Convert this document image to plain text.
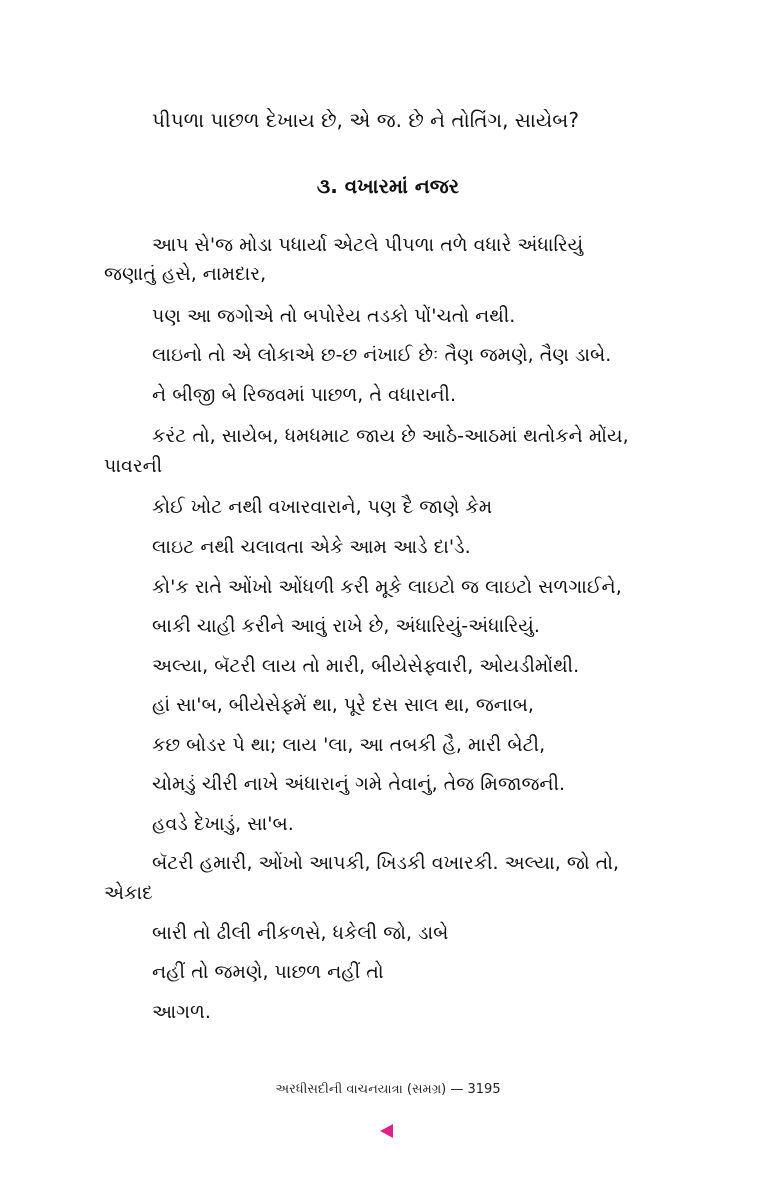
પીપળા પાછળ દેખાય છે, એ જ. છે ને તોતિંગ, સાયેબ?
૩. વખારમાં નજર
આપ સે'જ મોડા પધાર્યા એટલે પીપળા તળે વધારે અંધારિયું
જણાતું હસે, નામદાર,
પણ આ જગોએ તો બપોરેય તડકો પોં'ચતો નથી.
લાઇનો તો એ લોકાએ છ-છ નંખાઈ છેઃ તૈણ જમણે, તૈણ ડાબે.
ને બીજી બે રિજવમાં પાછળ, તે વધારાની.
કરંટ તો, સાયેબ, ધમધમાટ જાય છે આઠે-આઠમાં થતોકને મોંય,
પાવરની
કોઈ ખોટ નથી વખારવારાને, પણ દૈ જાણે કેમ
લાઇટ નથી ચલાવતા એકે આમ આડે દા'ડે.
કો'ક રાતે ઓંખો ઓંધળી કરી મૂકે લાઇટો જ લાઇટો સળગાઈને,
બાકી ચાહી કરીને આવું રાખે છે, અંધારિયું-અંધારિયું.
અલ્યા, બૅટરી લાય તો મારી, બીયેસેફ્વારી, ઓયડીમોંથી.
હાં સા'બ, બીયેસેફ્મેં થા, પૂરે દસ સાલ થા, જનાબ,
કછ બોડર પે થા; લાય 'લા, આ તબકી હૈ, મારી બેટી,
ચોમડું ચીરી નાખે અંધારાનું ગમે તેવાનું, તેજ મિજાજની.
હવડે દેખાડું, સા'બ.
બૅટરી હમારી, ઓંખો આપકી, ખિડકી વખારકી. અલ્યા, જો તો,
એકાદ
બારી તો ઢીલી નીકળસે, ધકેલી જો, ડાબે
નહીં તો જમણે, પાછળ નહીં તો
આગળ.
અરધીસદીની વાચનયાત્રા (સમગ્ર) — 3195
